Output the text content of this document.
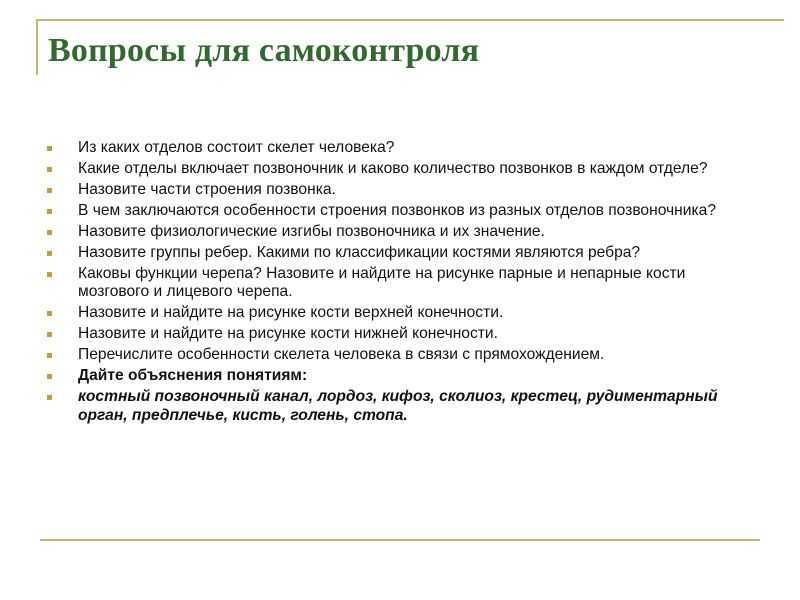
Вопросы для самоконтроля
Из каких отделов состоит скелет человека?
Какие отделы включает позвоночник и каково количество позвонков в каждом отделе?
Назовите части строения позвонка.
В чем заключаются особенности строения позвонков из разных отделов позвоночника?
Назовите физиологические изгибы позвоночника и их значение.
Назовите группы ребер. Какими по классификации костями являются ребра?
Каковы функции черепа? Назовите и найдите на рисунке парные и непарные кости мозгового и лицевого черепа.
Назовите и найдите на рисунке кости верхней конечности.
Назовите и найдите на рисунке кости нижней конечности.
Перечислите особенности скелета человека в связи с прямохождением.
Дайте объяснения понятиям:
костный позвоночный канал, лордоз, кифоз, сколиоз, крестец, рудиментарный орган, предплечье, кисть, голень, стопа.
